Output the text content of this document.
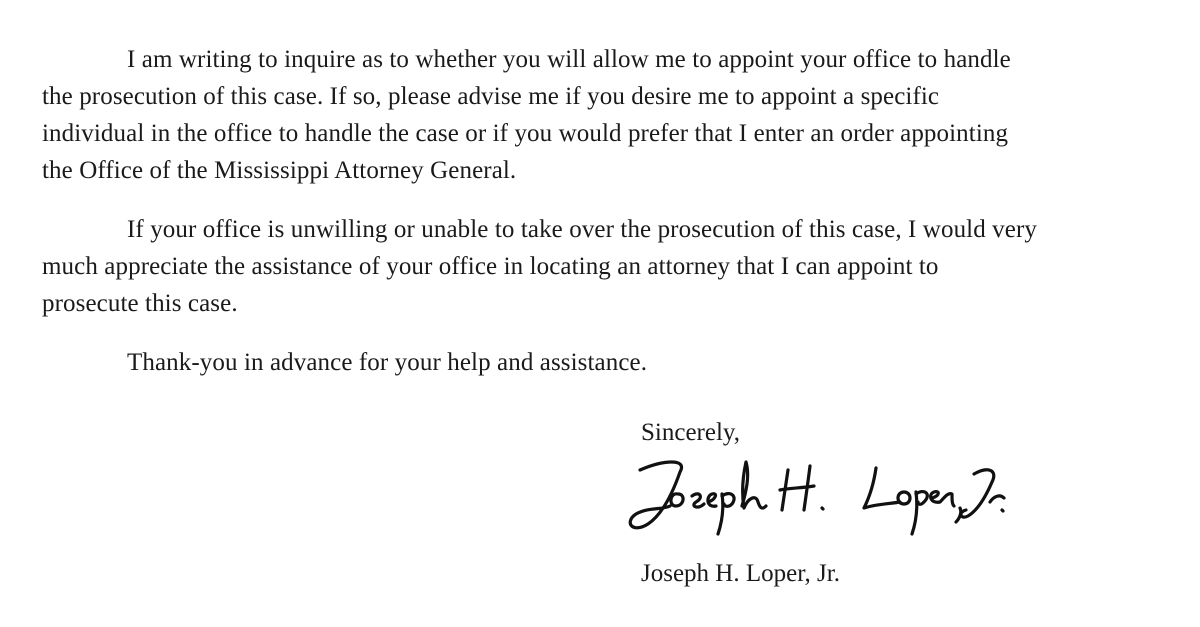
I am writing to inquire as to whether you will allow me to appoint your office to handle
the prosecution of this case. If so, please advise me if you desire me to appoint a specific
individual in the office to handle the case or if you would prefer that I enter an order appointing
the Office of the Mississippi Attorney General.

If your office is unwilling or unable to take over the prosecution of this case, I would very
much appreciate the assistance of your office in locating an attorney that I can appoint to
prosecute this case.

Thank-you in advance for your help and assistance.

Sincerely,

Joseph H. Loper, Jr.
